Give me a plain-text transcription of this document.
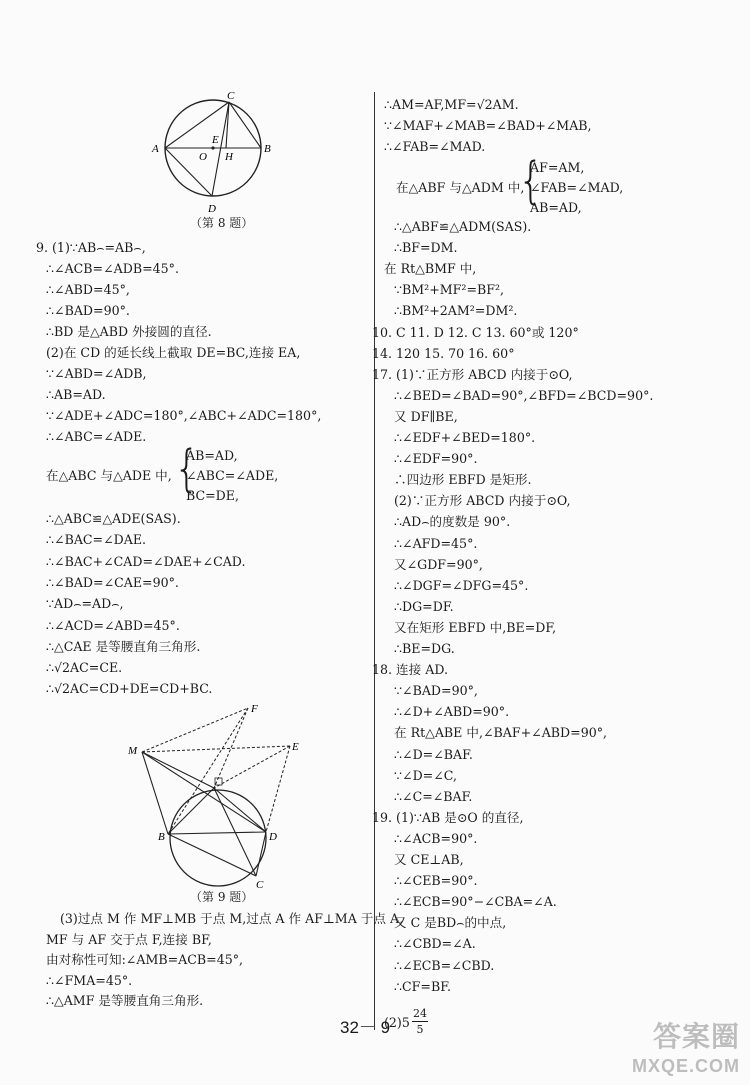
C
A	B
E
O H
D
（第 8 题）
9. (1)∵AB⌢=AB⌢,
∴∠ACB=∠ADB=45°.
∴∠ABD=45°,
∴∠BAD=90°.
∴BD 是△ABD 外接圆的直径.
(2)在 CD 的延长线上截取 DE=BC,连接 EA,
∵∠ABD=∠ADB,
∴AB=AD.
∵∠ADE+∠ADC=180°,∠ABC+∠ADC=180°,
∴∠ABC=∠ADE.
在△ABC 与△ADE 中, {
AB=AD,
∠ABC=∠ADE,
BC=DE,
∴△ABC≌△ADE(SAS).
∴∠BAC=∠DAE.
∴∠BAC+∠CAD=∠DAE+∠CAD.
∴∠BAD=∠CAE=90°.
∵AD⌢=AD⌢,
∴∠ACD=∠ABD=45°.
∴△CAE 是等腰直角三角形.
∴√2AC=CE.
∴√2AC=CD+DE=CD+BC.
M
F
E
B	D
C
（第 9 题）
(3)过点 M 作 MF⊥MB 于点 M,过点 A 作 AF⊥MA 于点 A,
MF 与 AF 交于点 F,连接 BF,
由对称性可知:∠AMB=ACB=45°,
∴∠FMA=45°.
∴△AMF 是等腰直角三角形.
∴AM=AF,MF=√2AM.
∵∠MAF+∠MAB=∠BAD+∠MAB,
∴∠FAB=∠MAD.
在△ABF 与△ADM 中,
{
AF=AM,
∠FAB=∠MAD,
AB=AD,
∴△ABF≌△ADM(SAS).
∴BF=DM.
在 Rt△BMF 中,
∵BM²+MF²=BF²,
∴BM²+2AM²=DM².
10. C 11. D 12. C 13. 60°或 120°
14. 120 15. 70 16. 60°
17. (1)∵正方形 ABCD 内接于⊙O,
∴∠BED=∠BAD=90°,∠BFD=∠BCD=90°.
又 DF∥BE,
∴∠EDF+∠BED=180°.
∴∠EDF=90°.
∴四边形 EBFD 是矩形.
(2)∵正方形 ABCD 内接于⊙O,
∴AD⌢的度数是 90°.
∴∠AFD=45°.
又∠GDF=90°,
∴∠DGF=∠DFG=45°.
∴DG=DF.
又在矩形 EBFD 中,BE=DF,
∴BE=DG.
18. 连接 AD.
∵∠BAD=90°,
∴∠D+∠ABD=90°.
在 Rt△ABE 中,∠BAF+∠ABD=90°,
∴∠D=∠BAF.
∵∠D=∠C,
∴∠C=∠BAF.
19. (1)∵AB 是⊙O 的直径,
∴∠ACB=90°.
又 CE⊥AB,
∴∠CEB=90°.
∴∠ECB=90°−∠CBA=∠A.
又 C 是BD⌢的中点,
∴∠CBD=∠A.
∴∠ECB=∠CBD.
∴CF=BF.
(2)5
24
5
32－ 9	答案圈
MXQE.COM
